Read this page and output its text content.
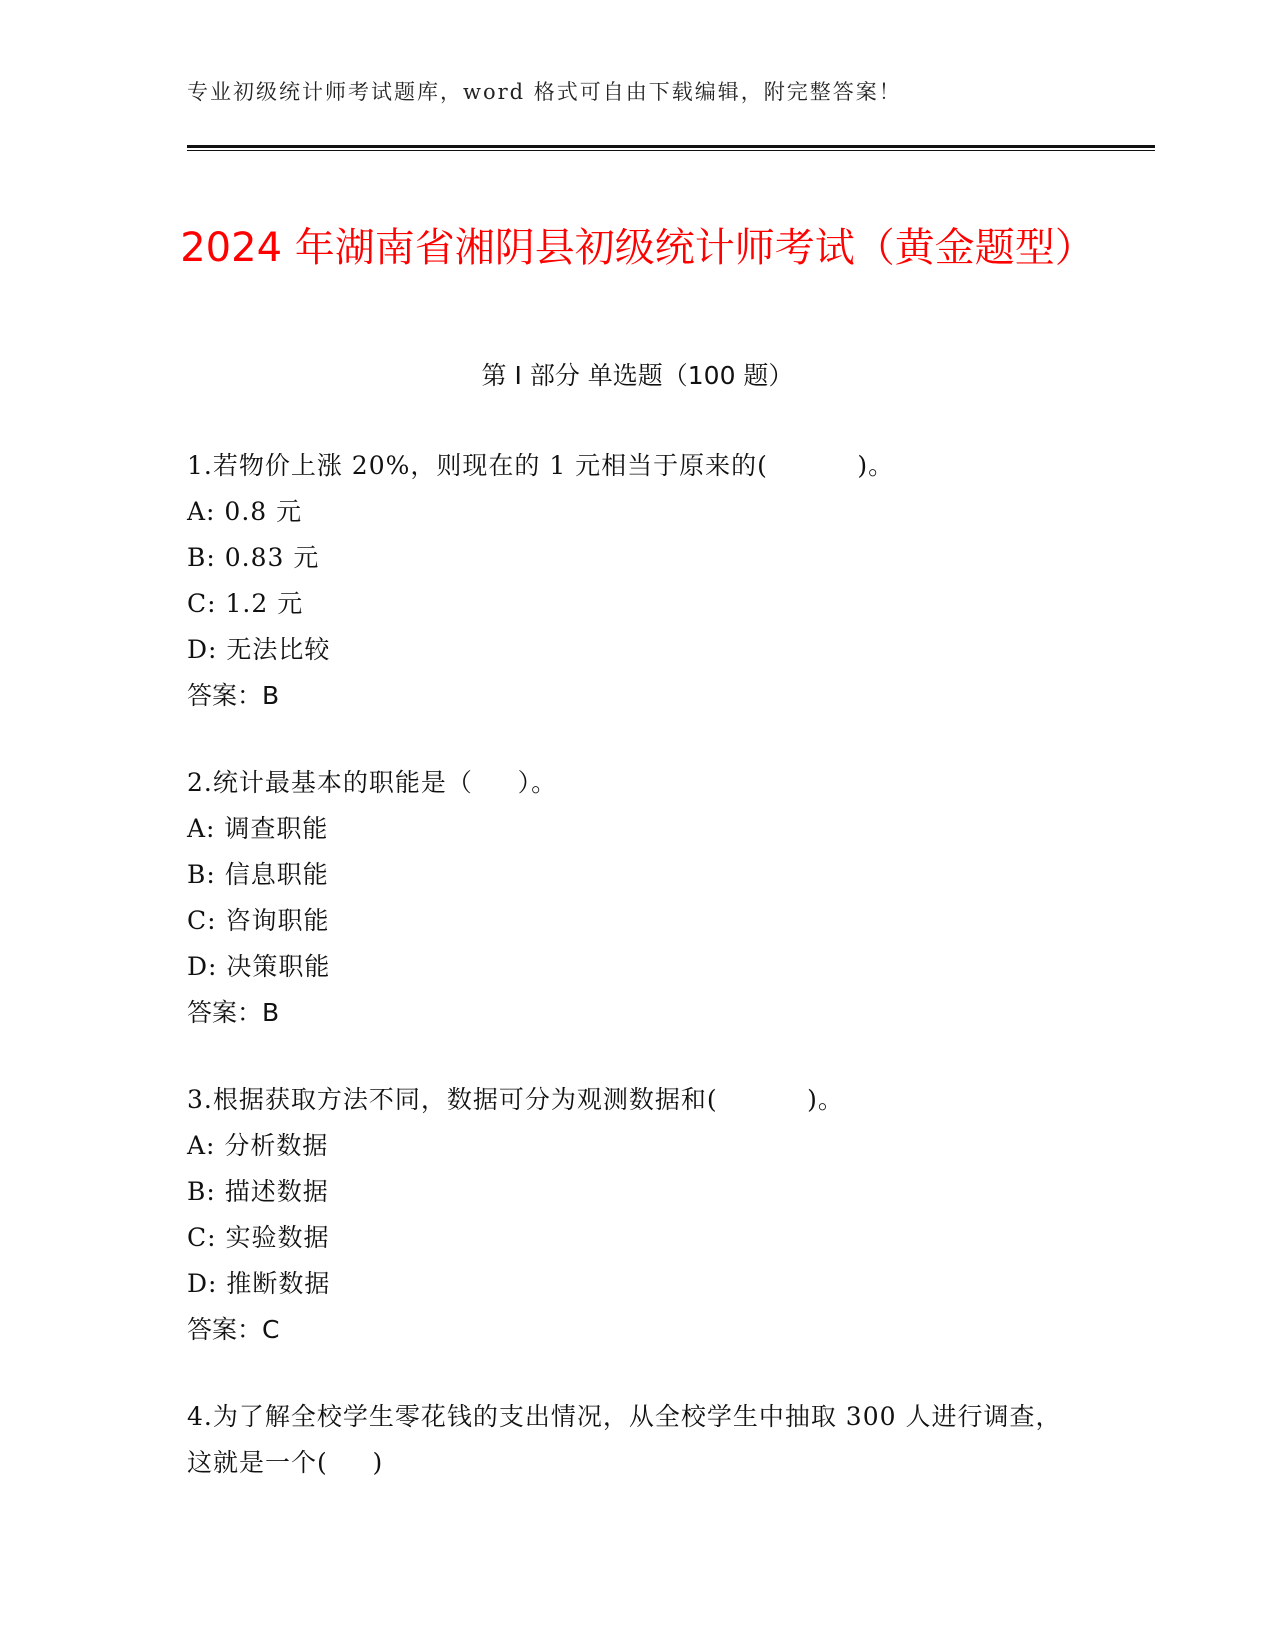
专业初级统计师考试题库，word 格式可自由下载编辑，附完整答案！
2024 年湖南省湘阴县初级统计师考试（黄金题型）
第 I 部分 单选题（100 题）
1.若物价上涨 20%，则现在的 1 元相当于原来的(          )。
A: 0.8 元
B: 0.83 元
C: 1.2 元
D: 无法比较
答案：B
2.统计最基本的职能是（     ）。
A: 调查职能
B: 信息职能
C: 咨询职能
D: 决策职能
答案：B
3.根据获取方法不同，数据可分为观测数据和(          )。
A: 分析数据
B: 描述数据
C: 实验数据
D: 推断数据
答案：C
4.为了解全校学生零花钱的支出情况，从全校学生中抽取 300 人进行调查，这就是一个(     )
